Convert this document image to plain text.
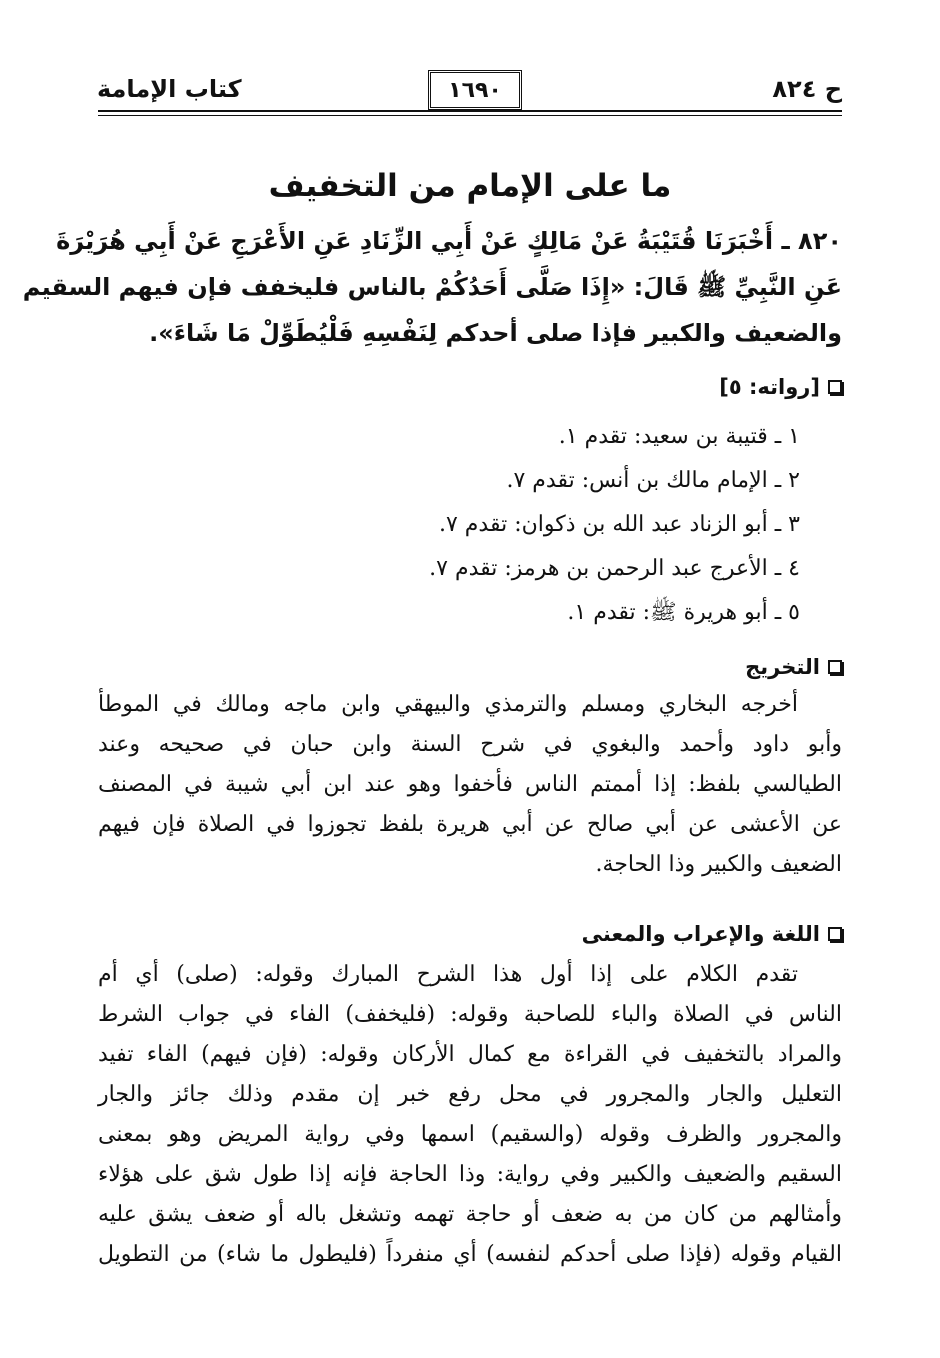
ح ٨٢٤
١٦٩٠
كتاب الإمامة
ما على الإمام من التخفيف
٨٢٠ ـ أَخْبَرَنَا قُتَيْبَةُ عَنْ مَالِكٍ عَنْ أَبِي الزِّنَادِ عَنِ الأَعْرَجِ عَنْ أَبِي هُرَيْرَةَ
عَنِ النَّبِيِّ ﷺ قَالَ: «إِذَا صَلَّى أَحَدُكُمْ بالناس فليخفف فإن فيهم السقيم
والضعيف والكبير فإذا صلى أحدكم لِنَفْسِهِ فَلْيُطَوِّلْ مَا شَاءَ».
[رواته: ٥]
١ ـ قتيبة بن سعيد: تقدم ١.
٢ ـ الإمام مالك بن أنس: تقدم ٧.
٣ ـ أبو الزناد عبد الله بن ذكوان: تقدم ٧.
٤ ـ الأعرج عبد الرحمن بن هرمز: تقدم ٧.
٥ ـ أبو هريرة ﷺ: تقدم ١.
التخريج
أخرجه البخاري ومسلم والترمذي والبيهقي وابن ماجه ومالك في الموطأ
وأبو داود وأحمد والبغوي في شرح السنة وابن حبان في صحيحه وعند
الطيالسي بلفظ: إذا أممتم الناس فأخفوا وهو عند ابن أبي شيبة في المصنف
عن الأعشى عن أبي صالح عن أبي هريرة بلفظ تجوزوا في الصلاة فإن فيهم
الضعيف والكبير وذا الحاجة.
اللغة والإعراب والمعنى
تقدم الكلام على إذا أول هذا الشرح المبارك وقوله: (صلى) أي أم
الناس في الصلاة والباء للصاحبة وقوله: (فليخفف) الفاء في جواب الشرط
والمراد بالتخفيف في القراءة مع كمال الأركان وقوله: (فإن فيهم) الفاء تفيد
التعليل والجار والمجرور في محل رفع خبر إن مقدم وذلك جائز والجار
والمجرور والظرف وقوله (والسقيم) اسمها وفي رواية المريض وهو بمعنى
السقيم والضعيف والكبير وفي رواية: وذا الحاجة فإنه إذا طول شق على هؤلاء
وأمثالهم من كان من به ضعف أو حاجة تهمه وتشغل باله أو ضعف يشق عليه
القيام وقوله (فإذا صلى أحدكم لنفسه) أي منفرداً (فليطول ما شاء) من التطويل
